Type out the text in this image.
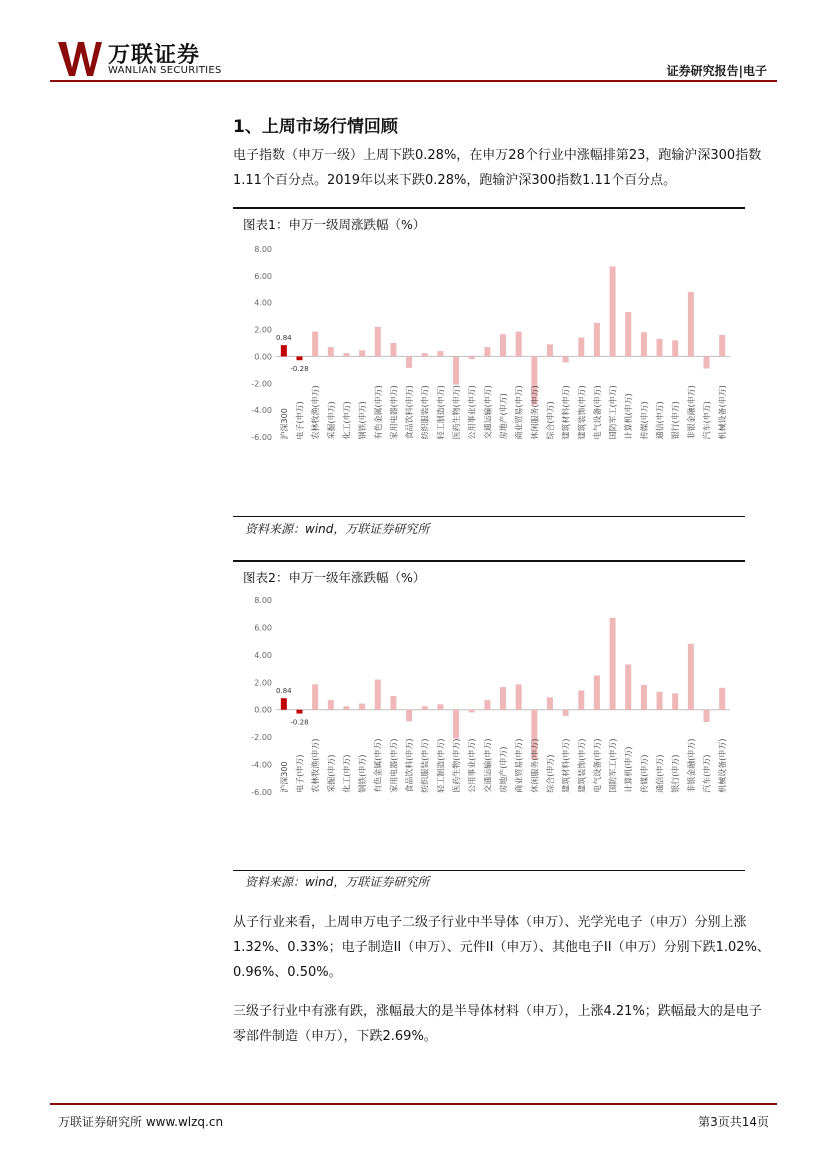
万联证券
WANLIAN SECURITIES	证券研究报告|电子
1、上周市场行情回顾

电子指数（申万一级）上周下跌0.28%，在申万28个行业中涨幅排第23，跑输沪深300指数1.11个百分点。2019年以来下跌0.28%，跑输沪深300指数1.11个百分点。

图表1：申万一级周涨跌幅（%）
8.00
6.00
4.00
2.00
0.00
-2.00
-4.00
-6.00 沪深300 电子(申万) 农林牧渔(申万) 采掘(申万) 化工(申万) 钢铁(申万) 有色金属(申万) 家用电器(申万) 食品饮料(申万) 纺织服装(申万) 轻工制造(申万) 医药生物(申万) 公用事业(申万) 交通运输(申万) 房地产(申万) 商业贸易(申万) 休闲服务(申万) 综合(申万) 建筑材料(申万) 建筑装饰(申万) 电气设备(申万) 国防军工(申万) 计算机(申万) 传媒(申万) 通信(申万) 银行(申万) 非银金融(申万) 汽车(申万) 机械设备(申万)
0.84
-0.28
资料来源：wind，万联证券研究所
图表2：申万一级年涨跌幅（%）
8.00
6.00
4.00
2.00
0.00
-2.00
-4.00
-6.00 沪深300 电子(申万) 农林牧渔(申万) 采掘(申万) 化工(申万) 钢铁(申万) 有色金属(申万) 家用电器(申万) 食品饮料(申万) 纺织服装(申万) 轻工制造(申万) 医药生物(申万) 公用事业(申万) 交通运输(申万) 房地产(申万) 商业贸易(申万) 休闲服务(申万) 综合(申万) 建筑材料(申万) 建筑装饰(申万) 电气设备(申万) 国防军工(申万) 计算机(申万) 传媒(申万) 通信(申万) 银行(申万) 非银金融(申万) 汽车(申万) 机械设备(申万)
0.84
-0.28
资料来源：wind，万联证券研究所

从子行业来看，上周申万电子二级子行业中半导体（申万）、光学光电子（申万）分别上涨1.32%、0.33%；电子制造II（申万）、元件II（申万）、其他电子II（申万）分别下跌1.02%、0.96%、0.50%。

三级子行业中有涨有跌，涨幅最大的是半导体材料（申万），上涨4.21%；跌幅最大的是电子零部件制造（申万），下跌2.69%。

万联证券研究所 www.wlzq.cn	第3页共14页
